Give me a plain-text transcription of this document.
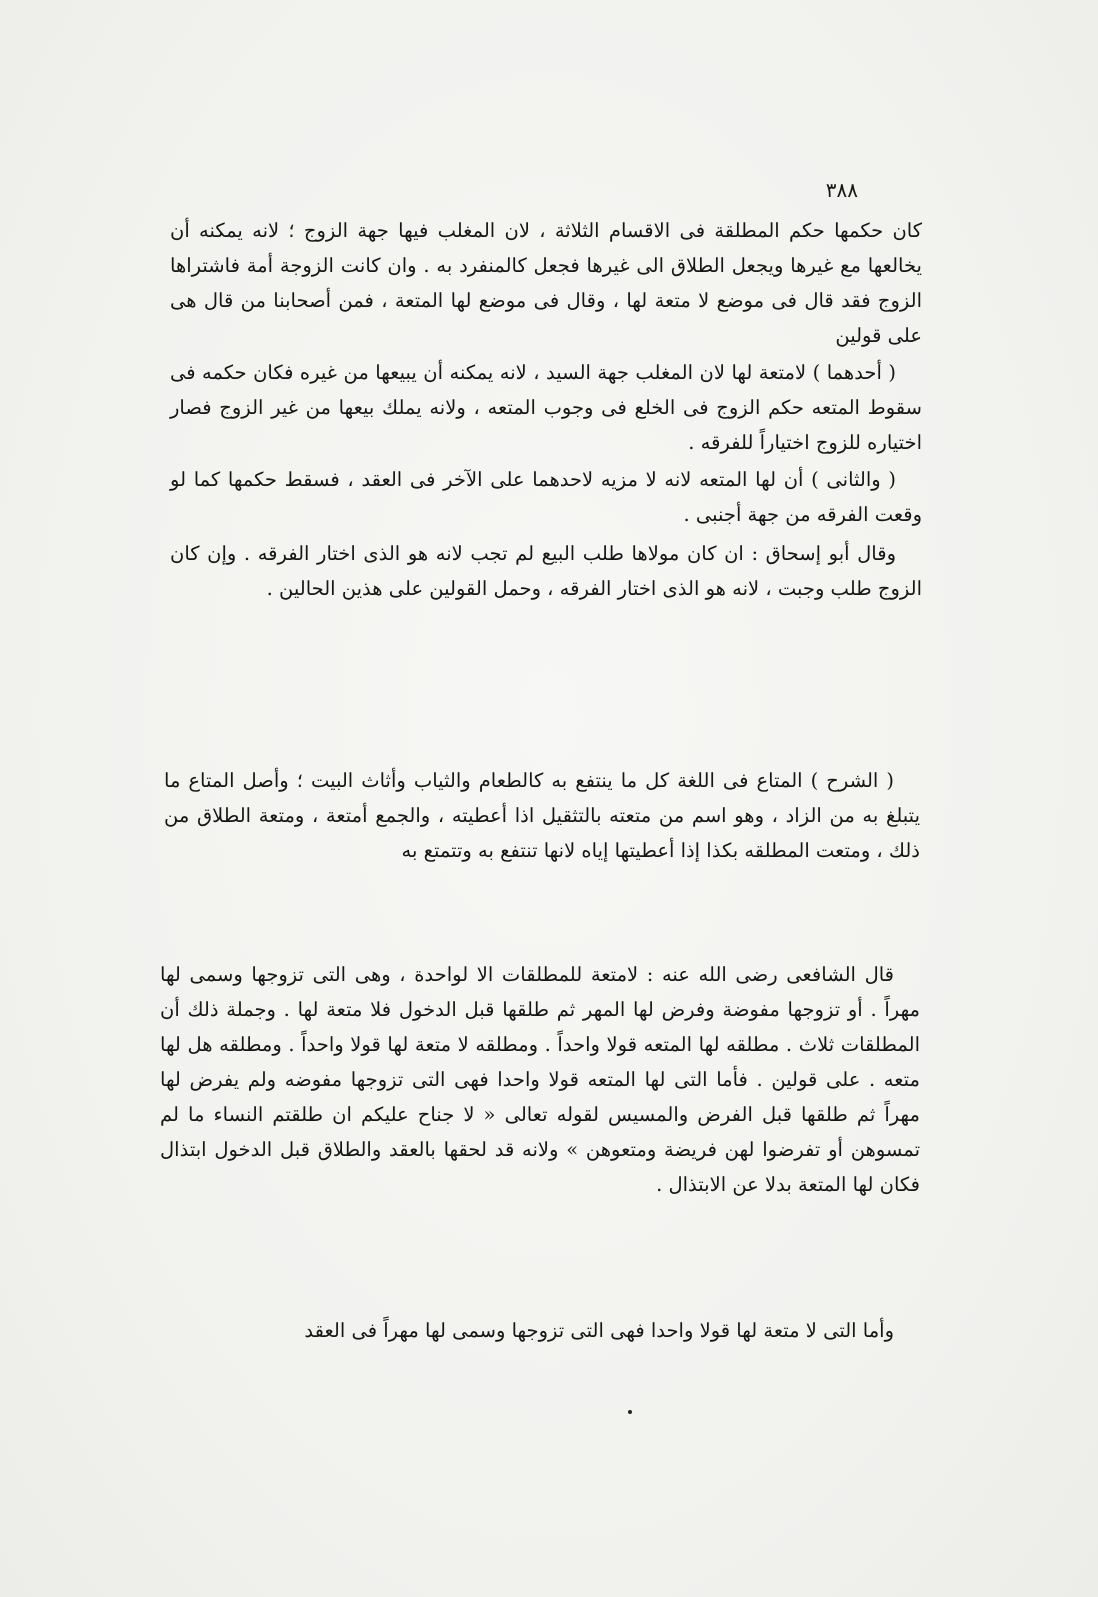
٣٨٨

كان حكمها حكم المطلقة فى الاقسام الثلاثة ، لان المغلب فيها جهة الزوج ؛ لانه يمكنه أن يخالعها مع غيرها ويجعل الطلاق الى غيرها فجعل كالمنفرد به . وان كانت الزوجة أمة فاشتراها الزوج فقد قال فى موضع لا متعة لها ، وقال فى موضع لها المتعة ، فمن أصحابنا من قال هى على قولين

( أحدهما ) لامتعة لها لان المغلب جهة السيد ، لانه يمكنه أن يبيعها من غيره فكان حكمه فى سقوط المتعه حكم الزوج فى الخلع فى وجوب المتعه ، ولانه يملك بيعها من غير الزوج فصار اختياره للزوج اختياراً للفرقه .

( والثانى ) أن لها المتعه لانه لا مزيه لاحدهما على الآخر فى العقد ، فسقط حكمها كما لو وقعت الفرقه من جهة أجنبى .

وقال أبو إسحاق : ان كان مولاها طلب البيع لم تجب لانه هو الذى اختار الفرقه . وإن كان الزوج طلب وجبت ، لانه هو الذى اختار الفرقه ، وحمل القولين على هذين الحالين .

( الشرح ) المتاع فى اللغة كل ما ينتفع به كالطعام والثياب وأثاث البيت ؛ وأصل المتاع ما يتبلغ به من الزاد ، وهو اسم من متعته بالتثقيل اذا أعطيته ، والجمع أمتعة ، ومتعة الطلاق من ذلك ، ومتعت المطلقه بكذا إذا أعطيتها إياه لانها تنتفع به وتتمتع به

قال الشافعى رضى الله عنه : لامتعة للمطلقات الا لواحدة ، وهى التى تزوجها وسمى لها مهراً . أو تزوجها مفوضة وفرض لها المهر ثم طلقها قبل الدخول فلا متعة لها . وجملة ذلك أن المطلقات ثلاث . مطلقه لها المتعه قولا واحداً . ومطلقه لا متعة لها قولا واحداً . ومطلقه هل لها متعه . على قولين . فأما التى لها المتعه قولا واحدا فهى التى تزوجها مفوضه ولم يفرض لها مهراً ثم طلقها قبل الفرض والمسيس لقوله تعالى « لا جناح عليكم ان طلقتم النساء ما لم تمسوهن أو تفرضوا لهن فريضة ومتعوهن » ولانه قد لحقها بالعقد والطلاق قبل الدخول ابتذال فكان لها المتعة بدلا عن الابتذال .

وأما التى لا متعة لها قولا واحدا فهى التى تزوجها وسمى لها مهراً فى العقد
